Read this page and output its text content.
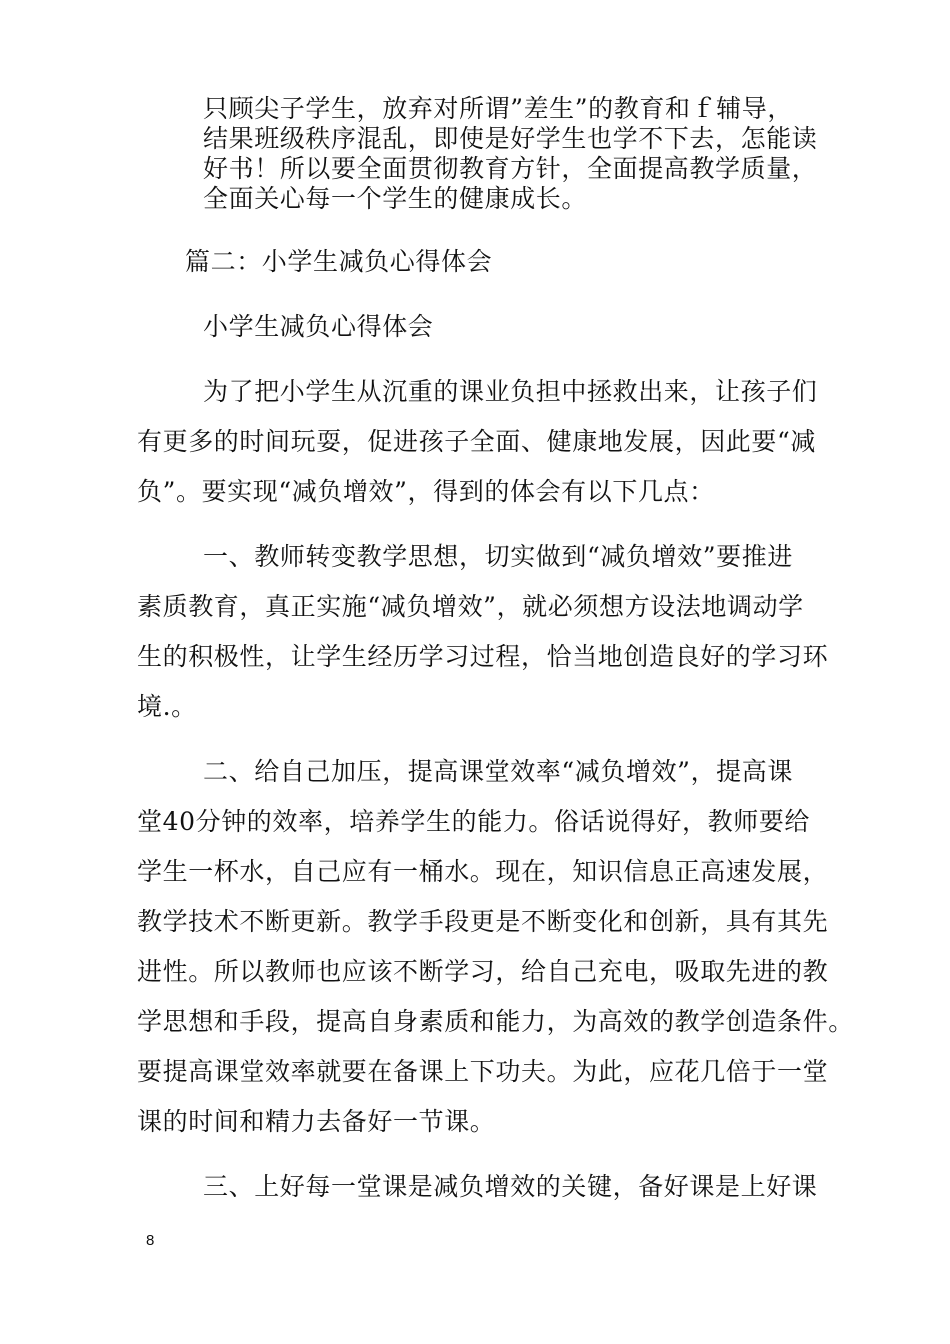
只顾尖子学生，放弃对所谓”差生”的教育和ｆ辅导，
结果班级秩序混乱，即使是好学生也学不下去，怎能读
好书！所以要全面贯彻教育方针，全面提高教学质量，
全面关心每一个学生的健康成长。
篇二：小学生减负心得体会
小学生减负心得体会
为了把小学生从沉重的课业负担中拯救出来，让孩子们
有更多的时间玩耍，促进孩子全面、健康地发展，因此要“减
负”。要实现“减负增效”，得到的体会有以下几点：
一、教师转变教学思想，切实做到“减负增效”要推进
素质教育，真正实施“减负增效”，就必须想方设法地调动学
生的积极性，让学生经历学习过程，恰当地创造良好的学习环
境.。
二、给自己加压，提高课堂效率“减负增效”，提高课
堂40分钟的效率，培养学生的能力。俗话说得好，教师要给
学生一杯水，自己应有一桶水。现在，知识信息正高速发展，
教学技术不断更新。教学手段更是不断变化和创新，具有其先
进性。所以教师也应该不断学习，给自己充电，吸取先进的教
学思想和手段，提高自身素质和能力，为高效的教学创造条件。
要提高课堂效率就要在备课上下功夫。为此，应花几倍于一堂
课的时间和精力去备好一节课。
三、上好每一堂课是减负增效的关键，备好课是上好课
8
